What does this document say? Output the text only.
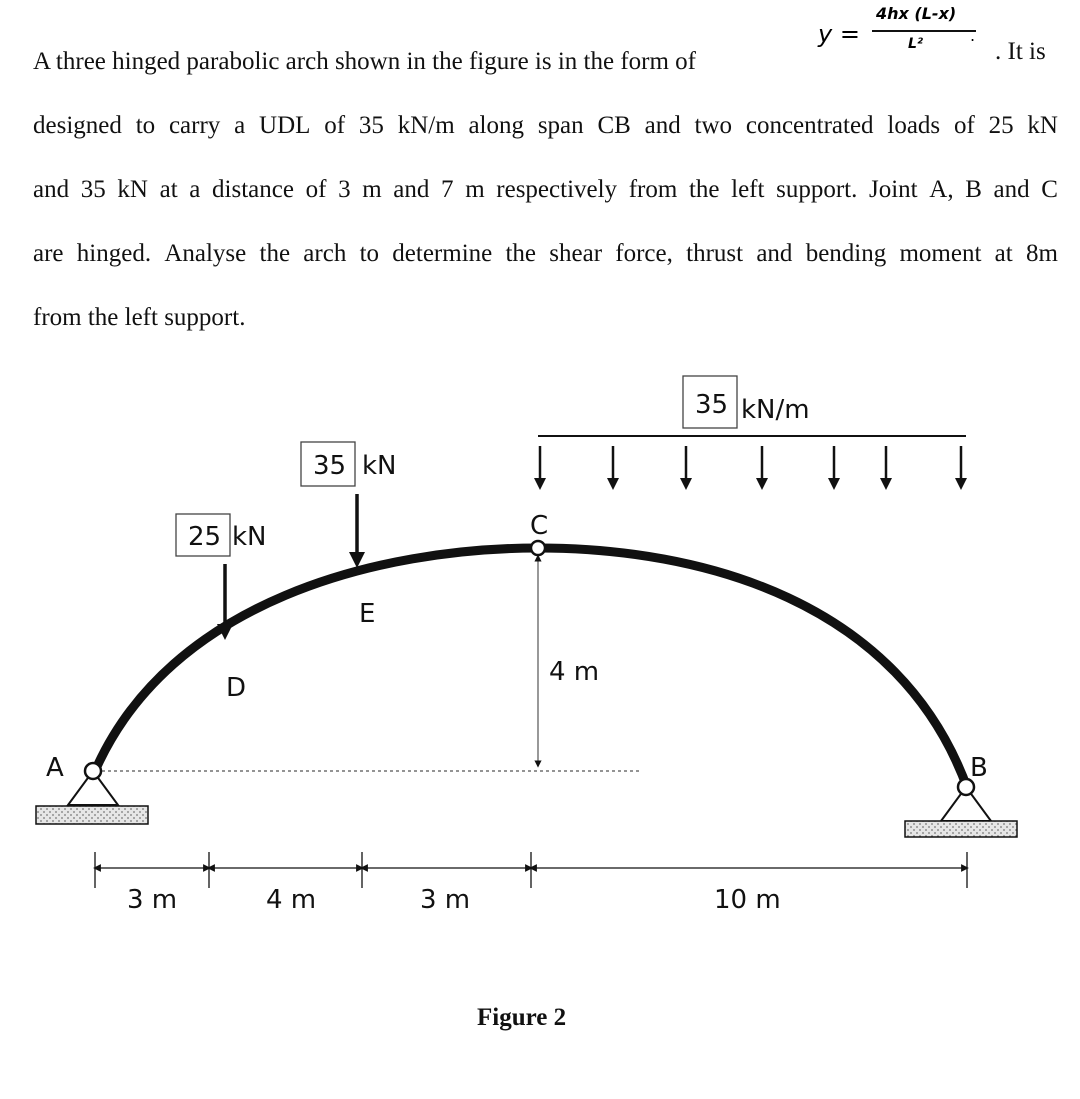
A three hinged parabolic arch shown in the figure is in the form of

designed to carry a UDL of 35 kN/m along span CB and two concentrated loads of 25 kN

and 35 kN at a distance of 3 m and 7 m respectively from the left support. Joint A, B and C

are hinged. Analyse the arch to determine the shear force, thrust and bending moment at 8m

from the left support.

y =
4hx (L-x)
L²	.
. It is
A	B
C
D
E
4 m
25 kN
35 kN
35 kN/m
3 m	4 m	3 m	10 m
Figure 2
